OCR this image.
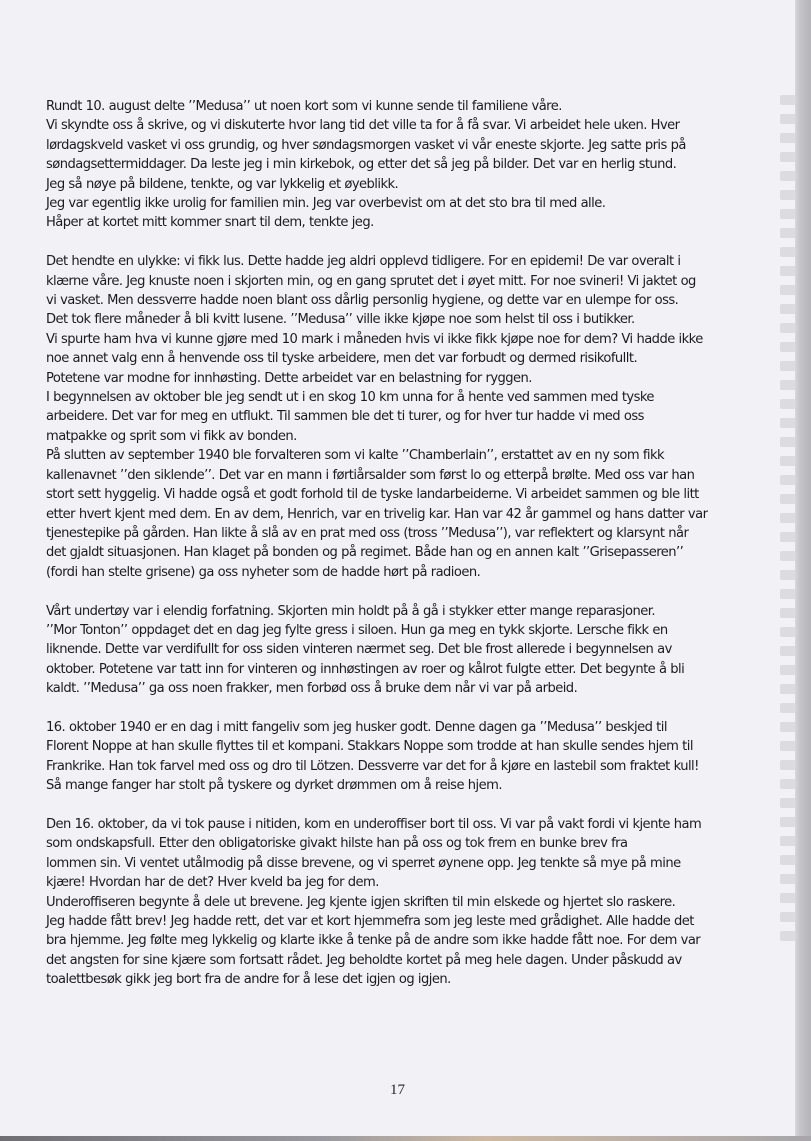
Rundt 10. august delte ’’Medusa’’ ut noen kort som vi kunne sende til familiene våre.
Vi skyndte oss å skrive, og vi diskuterte hvor lang tid det ville ta for å få svar. Vi arbeidet hele uken. Hver
lørdagskveld vasket vi oss grundig, og hver søndagsmorgen vasket vi vår eneste skjorte. Jeg satte pris på
søndagsettermiddager. Da leste jeg i min kirkebok, og etter det så jeg på bilder. Det var en herlig stund.
Jeg så nøye på bildene, tenkte, og var lykkelig et øyeblikk.
Jeg var egentlig ikke urolig for familien min. Jeg var overbevist om at det sto bra til med alle.
Håper at kortet mitt kommer snart til dem, tenkte jeg.

Det hendte en ulykke: vi fikk lus. Dette hadde jeg aldri opplevd tidligere. For en epidemi! De var overalt i
klærne våre. Jeg knuste noen i skjorten min, og en gang sprutet det i øyet mitt. For noe svineri! Vi jaktet og
vi vasket. Men dessverre hadde noen blant oss dårlig personlig hygiene, og dette var en ulempe for oss.
Det tok flere måneder å bli kvitt lusene. ’’Medusa’’ ville ikke kjøpe noe som helst til oss i butikker.
Vi spurte ham hva vi kunne gjøre med 10 mark i måneden hvis vi ikke fikk kjøpe noe for dem? Vi hadde ikke
noe annet valg enn å henvende oss til tyske arbeidere, men det var forbudt og dermed risikofullt.
Potetene var modne for innhøsting. Dette arbeidet var en belastning for ryggen.
I begynnelsen av oktober ble jeg sendt ut i en skog 10 km unna for å hente ved sammen med tyske
arbeidere. Det var for meg en utflukt. Til sammen ble det ti turer, og for hver tur hadde vi med oss
matpakke og sprit som vi fikk av bonden.
På slutten av september 1940 ble forvalteren som vi kalte ’’Chamberlain’’, erstattet av en ny som fikk
kallenavnet ’’den siklende’’. Det var en mann i førtiårsalder som først lo og etterpå brølte. Med oss var han
stort sett hyggelig. Vi hadde også et godt forhold til de tyske landarbeiderne. Vi arbeidet sammen og ble litt
etter hvert kjent med dem. En av dem, Henrich, var en trivelig kar. Han var 42 år gammel og hans datter var
tjenestepike på gården. Han likte å slå av en prat med oss (tross ’’Medusa’’), var reflektert og klarsynt når
det gjaldt situasjonen. Han klaget på bonden og på regimet. Både han og en annen kalt ’’Grisepasseren’’
(fordi han stelte grisene) ga oss nyheter som de hadde hørt på radioen.

Vårt undertøy var i elendig forfatning. Skjorten min holdt på å gå i stykker etter mange reparasjoner.
’’Mor Tonton’’ oppdaget det en dag jeg fylte gress i siloen. Hun ga meg en tykk skjorte. Lersche fikk en
liknende. Dette var verdifullt for oss siden vinteren nærmet seg. Det ble frost allerede i begynnelsen av
oktober. Potetene var tatt inn for vinteren og innhøstingen av roer og kålrot fulgte etter. Det begynte å bli
kaldt. ’’Medusa’’ ga oss noen frakker, men forbød oss å bruke dem når vi var på arbeid.

16. oktober 1940 er en dag i mitt fangeliv som jeg husker godt. Denne dagen ga ’’Medusa’’ beskjed til
Florent Noppe at han skulle flyttes til et kompani. Stakkars Noppe som trodde at han skulle sendes hjem til
Frankrike. Han tok farvel med oss og dro til Lötzen. Dessverre var det for å kjøre en lastebil som fraktet kull!
Så mange fanger har stolt på tyskere og dyrket drømmen om å reise hjem.

Den 16. oktober, da vi tok pause i nitiden, kom en underoffiser bort til oss. Vi var på vakt fordi vi kjente ham
som ondskapsfull. Etter den obligatoriske givakt hilste han på oss og tok frem en bunke brev fra
lommen sin. Vi ventet utålmodig på disse brevene, og vi sperret øynene opp. Jeg tenkte så mye på mine
kjære! Hvordan har de det? Hver kveld ba jeg for dem.
Underoffiseren begynte å dele ut brevene. Jeg kjente igjen skriften til min elskede og hjertet slo raskere.
Jeg hadde fått brev! Jeg hadde rett, det var et kort hjemmefra som jeg leste med grådighet. Alle hadde det
bra hjemme. Jeg følte meg lykkelig og klarte ikke å tenke på de andre som ikke hadde fått noe. For dem var
det angsten for sine kjære som fortsatt rådet. Jeg beholdte kortet på meg hele dagen. Under påskudd av
toalettbesøk gikk jeg bort fra de andre for å lese det igjen og igjen.

17
